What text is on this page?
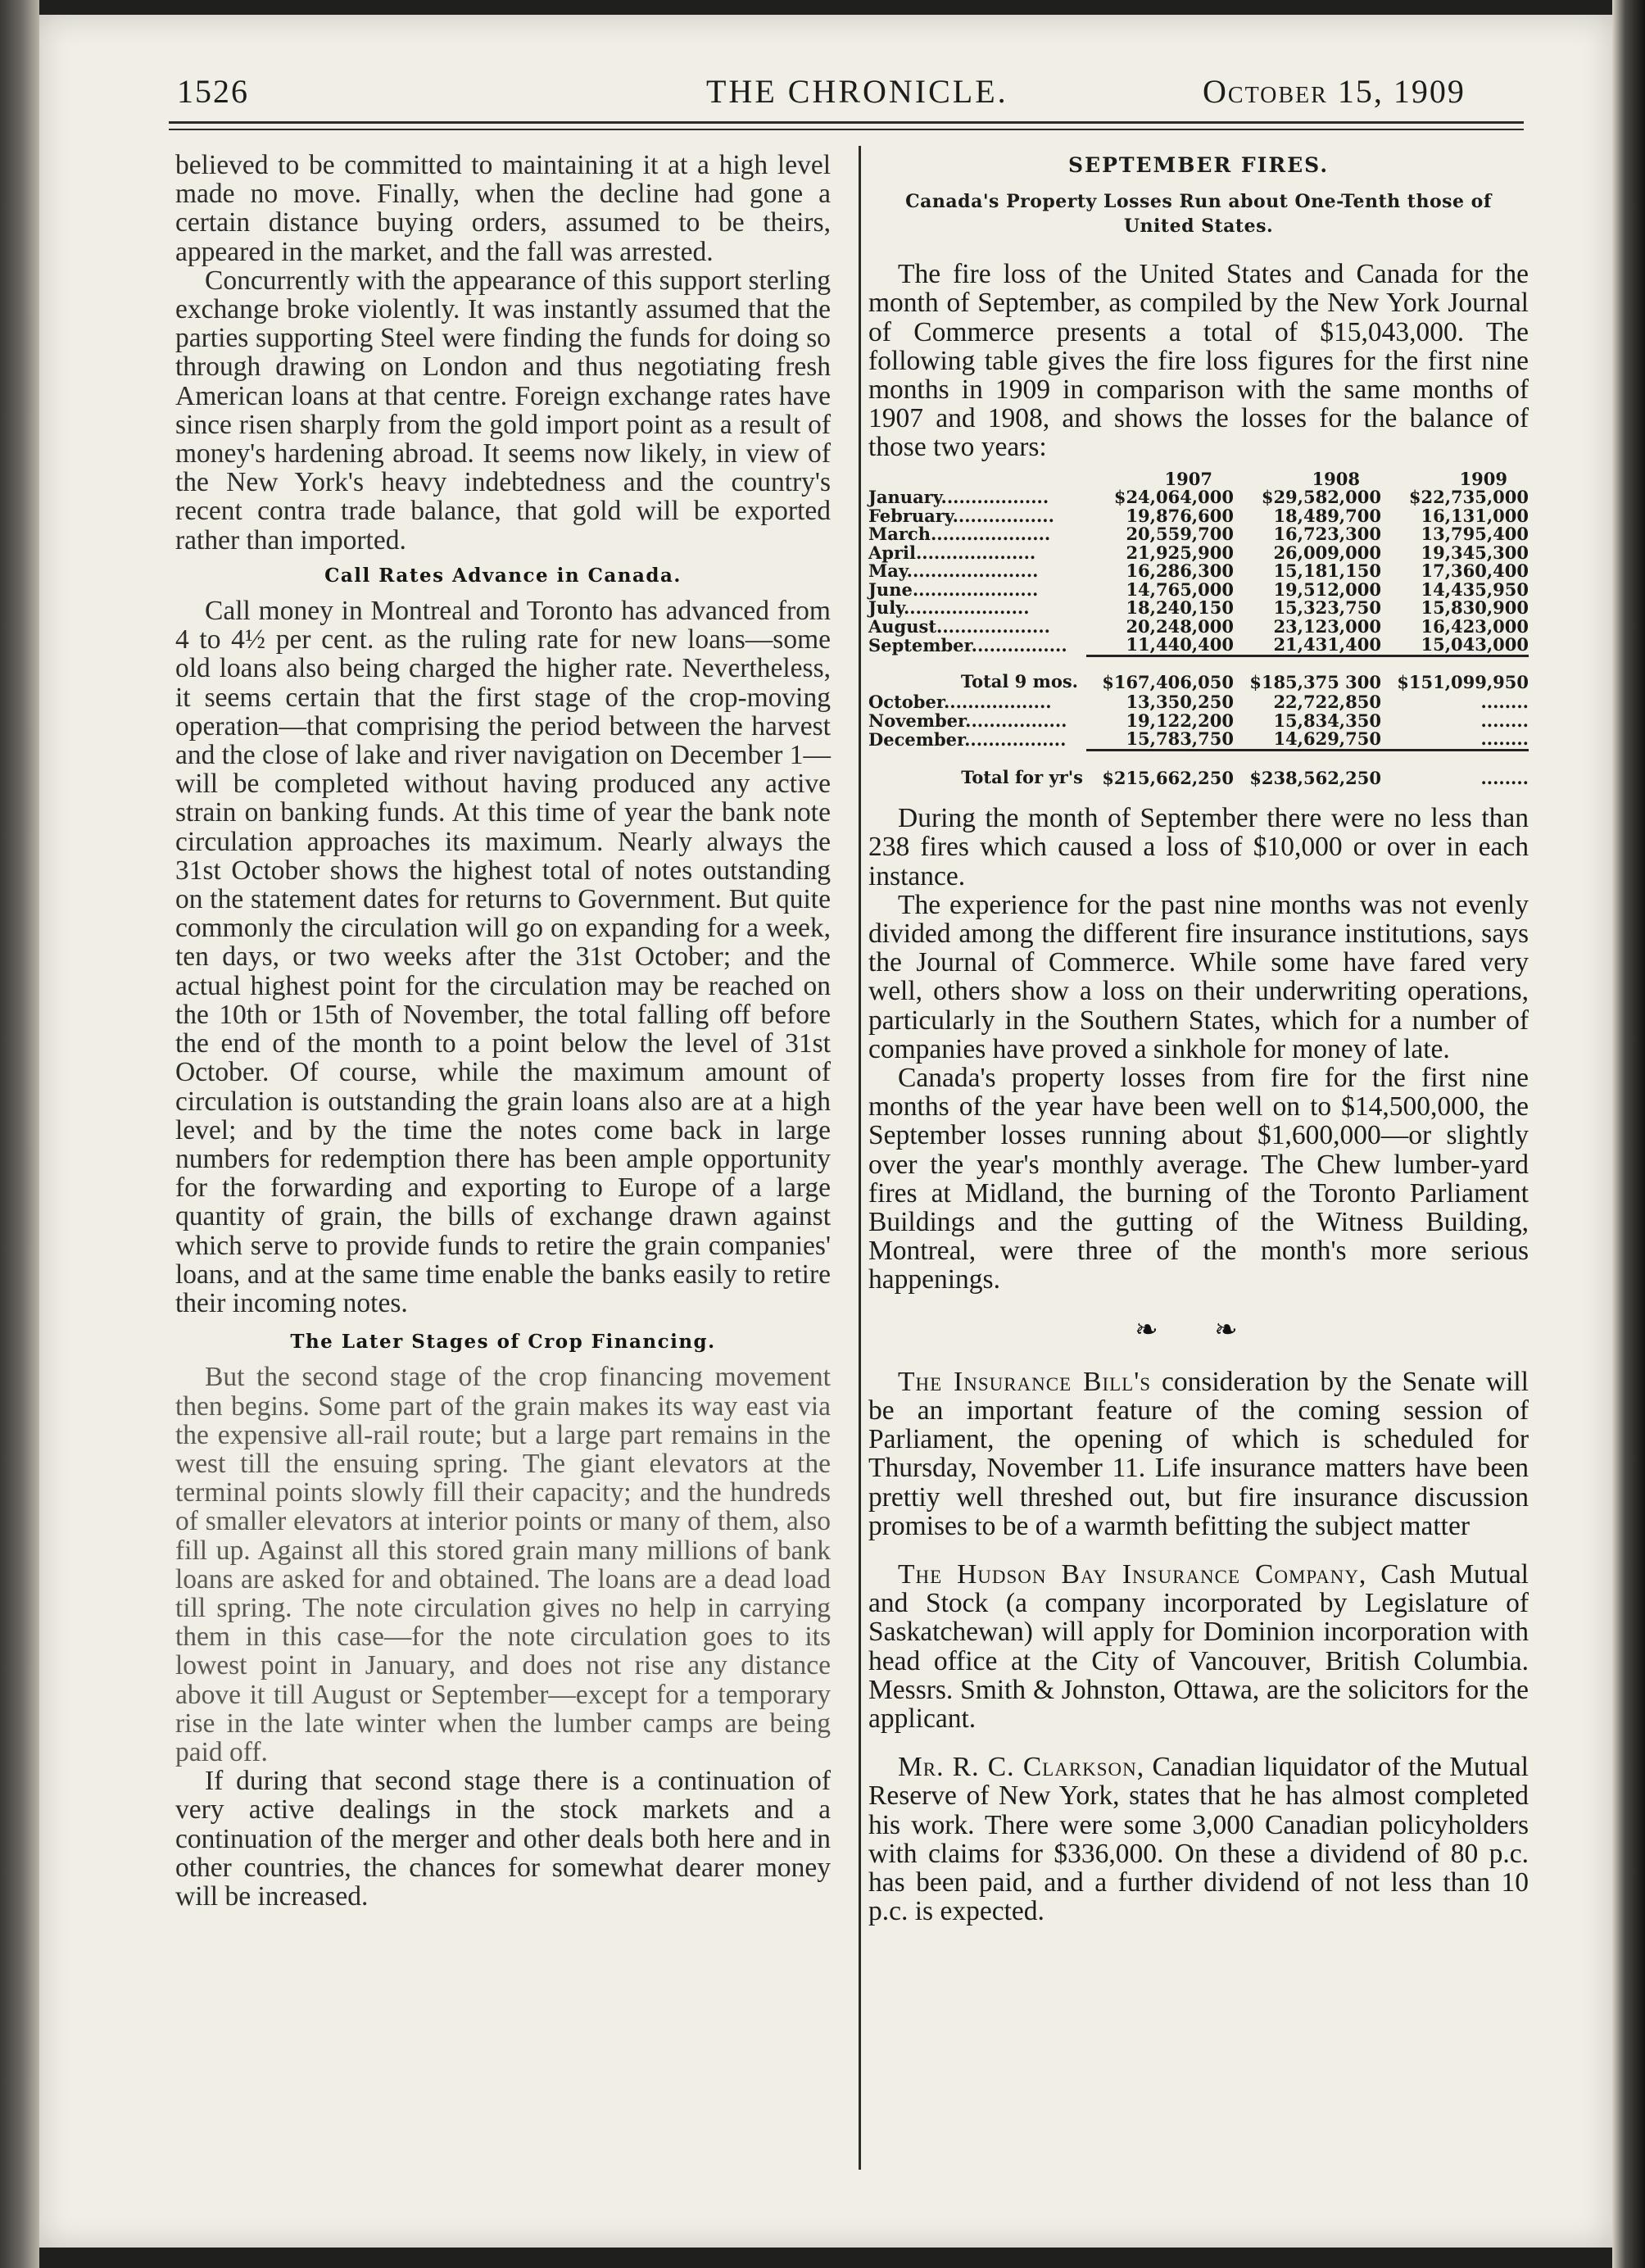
1526	THE CHRONICLE.	October 15, 1909

believed to be committed to maintaining it at a high level made no move. Finally, when the decline had gone a certain distance buying orders, assumed to be theirs, appeared in the market, and the fall was arrested.

Concurrently with the appearance of this support sterling exchange broke violently. It was instantly assumed that the parties supporting Steel were finding the funds for doing so through drawing on London and thus negotiating fresh American loans at that centre. Foreign exchange rates have since risen sharply from the gold import point as a result of money's hardening abroad. It seems now likely, in view of the New York's heavy indebtedness and the country's recent contra trade balance, that gold will be exported rather than imported.

Call Rates Advance in Canada.

Call money in Montreal and Toronto has advanced from 4 to 4½ per cent. as the ruling rate for new loans—some old loans also being charged the higher rate. Nevertheless, it seems certain that the first stage of the crop-moving operation—that comprising the period between the harvest and the close of lake and river navigation on December 1—will be completed without having produced any active strain on banking funds. At this time of year the bank note circulation approaches its maximum. Nearly always the 31st October shows the highest total of notes outstanding on the statement dates for returns to Government. But quite commonly the circulation will go on expanding for a week, ten days, or two weeks after the 31st October; and the actual highest point for the circulation may be reached on the 10th or 15th of November, the total falling off before the end of the month to a point below the level of 31st October. Of course, while the maximum amount of circulation is outstanding the grain loans also are at a high level; and by the time the notes come back in large numbers for redemption there has been ample opportunity for the forwarding and exporting to Europe of a large quantity of grain, the bills of exchange drawn against which serve to provide funds to retire the grain companies' loans, and at the same time enable the banks easily to retire their incoming notes.

The Later Stages of Crop Financing.

But the second stage of the crop financing movement then begins. Some part of the grain makes its way east via the expensive all-rail route; but a large part remains in the west till the ensuing spring. The giant elevators at the terminal points slowly fill their capacity; and the hundreds of smaller elevators at interior points or many of them, also fill up. Against all this stored grain many millions of bank loans are asked for and obtained. The loans are a dead load till spring. The note circulation gives no help in carrying them in this case—for the note circulation goes to its lowest point in January, and does not rise any distance above it till August or September—except for a temporary rise in the late winter when the lumber camps are being paid off.

If during that second stage there is a continuation of very active dealings in the stock markets and a continuation of the merger and other deals both here and in other countries, the chances for somewhat dearer money will be increased.

SEPTEMBER FIRES.
Canada's Property Losses Run about One-Tenth those of United States.

The fire loss of the United States and Canada for the month of September, as compiled by the New York Journal of Commerce presents a total of $15,043,000. The following table gives the fire loss figures for the first nine months in 1909 in comparison with the same months of 1907 and 1908, and shows the losses for the balance of those two years:

	1907	1908	1909
January..................	$24,064,000	$29,582,000	$22,735,000
February.................	19,876,600	18,489,700	16,131,000
March....................	20,559,700	16,723,300	13,795,400
April....................	21,925,900	26,009,000	19,345,300
May......................	16,286,300	15,181,150	17,360,400
June.....................	14,765,000	19,512,000	14,435,950
July.....................	18,240,150	15,323,750	15,830,900
August...................	20,248,000	23,123,000	16,423,000
September................	11,440,400	21,431,400	15,043,000
Total 9 mos.	$167,406,050	$185,375 300	$151,099,950
October..................	13,350,250	22,722,850	........
November.................	19,122,200	15,834,350	........
December.................	15,783,750	14,629,750	........
Total for yr's	$215,662,250	$238,562,250	........

During the month of September there were no less than 238 fires which caused a loss of $10,000 or over in each instance.

The experience for the past nine months was not evenly divided among the different fire insurance institutions, says the Journal of Commerce. While some have fared very well, others show a loss on their underwriting operations, particularly in the Southern States, which for a number of companies have proved a sinkhole for money of late.

Canada's property losses from fire for the first nine months of the year have been well on to $14,500,000, the September losses running about $1,600,000—or slightly over the year's monthly average. The Chew lumber-yard fires at Midland, the burning of the Toronto Parliament Buildings and the gutting of the Witness Building, Montreal, were three of the month's more serious happenings.

❧ ❧

The Insurance Bill's consideration by the Senate will be an important feature of the coming session of Parliament, the opening of which is scheduled for Thursday, November 11. Life insurance matters have been prettiy well threshed out, but fire insurance discussion promises to be of a warmth befitting the subject matter

The Hudson Bay Insurance Company, Cash Mutual and Stock (a company incorporated by Legislature of Saskatchewan) will apply for Dominion incorporation with head office at the City of Vancouver, British Columbia. Messrs. Smith & Johnston, Ottawa, are the solicitors for the applicant.

Mr. R. C. Clarkson, Canadian liquidator of the Mutual Reserve of New York, states that he has almost completed his work. There were some 3,000 Canadian policyholders with claims for $336,000. On these a dividend of 80 p.c. has been paid, and a further dividend of not less than 10 p.c. is expected.
